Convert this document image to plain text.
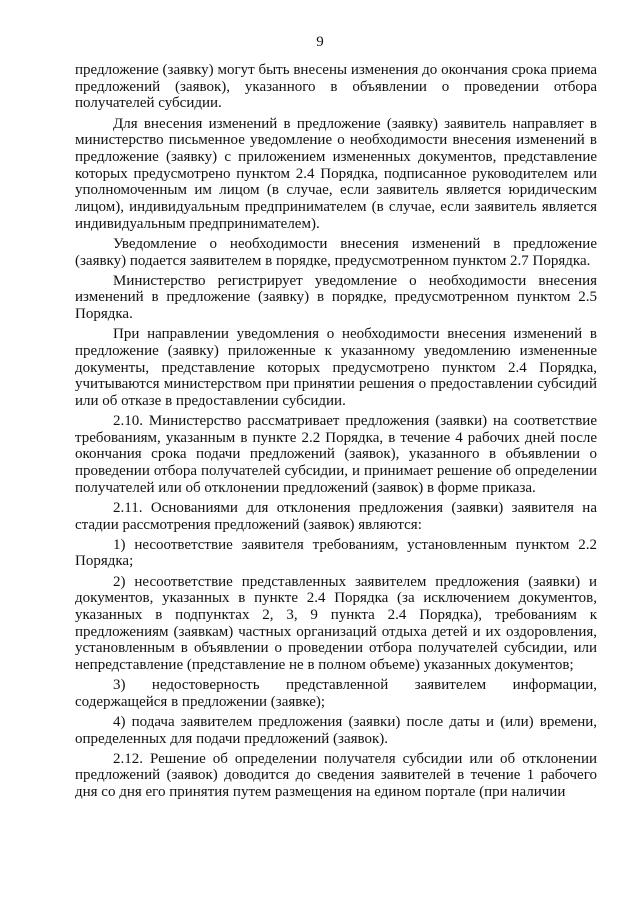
9

предложение (заявку) могут быть внесены изменения до окончания срока приема предложений (заявок), указанного в объявлении о проведении отбора получателей субсидии.

Для внесения изменений в предложение (заявку) заявитель направляет в министерство письменное уведомление о необходимости внесения изменений в предложение (заявку) с приложением измененных документов, представление которых предусмотрено пунктом 2.4 Порядка, подписанное руководителем или уполномоченным им лицом (в случае, если заявитель является юридическим лицом), индивидуальным предпринимателем (в случае, если заявитель является индивидуальным предпринимателем).

Уведомление о необходимости внесения изменений в предложение (заявку) подается заявителем в порядке, предусмотренном пунктом 2.7 Порядка.

Министерство регистрирует уведомление о необходимости внесения изменений в предложение (заявку) в порядке, предусмотренном пунктом 2.5 Порядка.

При направлении уведомления о необходимости внесения изменений в предложение (заявку) приложенные к указанному уведомлению измененные документы, представление которых предусмотрено пунктом 2.4 Порядка, учитываются министерством при принятии решения о предоставлении субсидий или об отказе в предоставлении субсидии.

2.10. Министерство рассматривает предложения (заявки) на соответствие требованиям, указанным в пункте 2.2 Порядка, в течение 4 рабочих дней после окончания срока подачи предложений (заявок), указанного в объявлении о проведении отбора получателей субсидии, и принимает решение об определении получателей или об отклонении предложений (заявок) в форме приказа.

2.11. Основаниями для отклонения предложения (заявки) заявителя на стадии рассмотрения предложений (заявок) являются:

1) несоответствие заявителя требованиям, установленным пунктом 2.2 Порядка;

2) несоответствие представленных заявителем предложения (заявки) и документов, указанных в пункте 2.4 Порядка (за исключением документов, указанных в подпунктах 2, 3, 9 пункта 2.4 Порядка), требованиям к предложениям (заявкам) частных организаций отдыха детей и их оздоровления, установленным в объявлении о проведении отбора получателей субсидии, или непредставление (представление не в полном объеме) указанных документов;

3) недостоверность представленной заявителем информации, содержащейся в предложении (заявке);

4) подача заявителем предложения (заявки) после даты и (или) времени, определенных для подачи предложений (заявок).

2.12. Решение об определении получателя субсидии или об отклонении предложений (заявок) доводится до сведения заявителей в течение 1 рабочего дня со дня его принятия путем размещения на едином портале (при наличии
